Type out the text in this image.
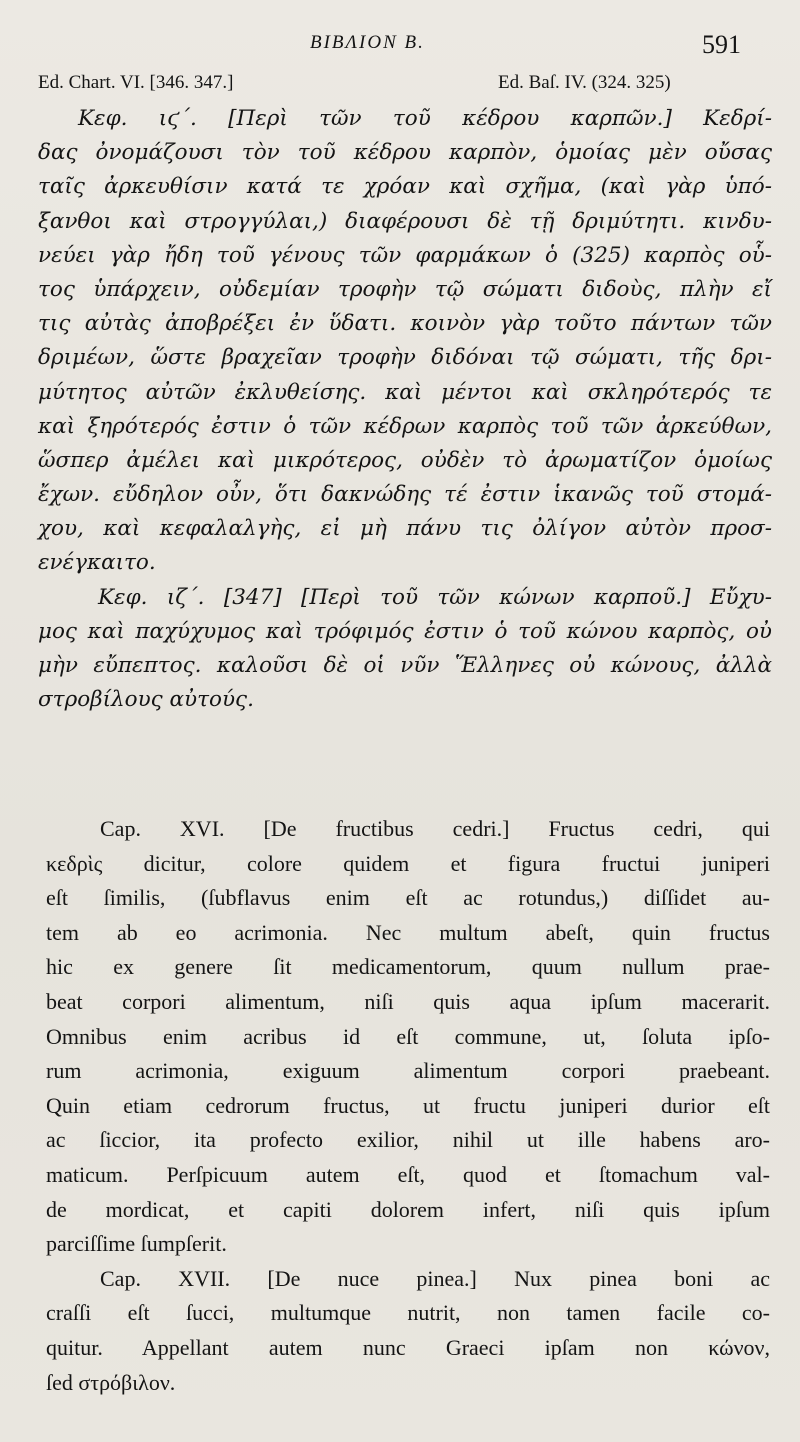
ΒΙΒΛΙΟΝ Β.	591
Ed. Chart. VI. [346. 347.]	Ed. Baſ. IV. (324. 325)
Κεφ. ιϛ΄. [Περὶ τῶν τοῦ κέδρου καρπῶν.] Κεδρί-
δας ὀνομάζουσι τὸν τοῦ κέδρου καρπὸν, ὁμοίας μὲν οὔσας
ταῖς ἀρκευθίσιν κατά τε χρόαν καὶ σχῆμα, (καὶ γὰρ ὑπό-
ξανθοι καὶ στρογγύλαι,) διαφέρουσι δὲ τῇ δριμύτητι. κινδυ-
νεύει γὰρ ἤδη τοῦ γένους τῶν φαρμάκων ὁ (325) καρπὸς οὗ-
τος ὑπάρχειν, οὐδεμίαν τροφὴν τῷ σώματι διδοὺς, πλὴν εἴ
τις αὐτὰς ἀποβρέξει ἐν ὕδατι. κοινὸν γὰρ τοῦτο πάντων τῶν
δριμέων, ὥστε βραχεῖαν τροφὴν διδόναι τῷ σώματι, τῆς δρι-
μύτητος αὐτῶν ἐκλυθείσης. καὶ μέντοι καὶ σκληρότερός τε
καὶ ξηρότερός ἐστιν ὁ τῶν κέδρων καρπὸς τοῦ τῶν ἀρκεύθων,
ὥσπερ ἀμέλει καὶ μικρότερος, οὐδὲν τὸ ἀρωματίζον ὁμοίως
ἔχων. εὔδηλον οὖν, ὅτι δακνώδης τέ ἐστιν ἱκανῶς τοῦ στομά-
χου, καὶ κεφαλαλγὴς, εἰ μὴ πάνυ τις ὀλίγον αὐτὸν προσ-
ενέγκαιτο.
Κεφ. ιζ΄. [347] [Περὶ τοῦ τῶν κώνων καρποῦ.] Εὔχυ-
μος καὶ παχύχυμος καὶ τρόφιμός ἐστιν ὁ τοῦ κώνου καρπὸς, οὐ
μὴν εὔπεπτος. καλοῦσι δὲ οἱ νῦν Ἕλληνες οὐ κώνους, ἀλλὰ
στροβίλους αὐτούς.
Cap. XVI. [De fructibus cedri.] Fructus cedri, qui
κεδρὶς dicitur, colore quidem et figura fructui juniperi
eſt ſimilis, (ſubflavus enim eſt ac rotundus,) diſſidet au-
tem ab eo acrimonia. Nec multum abeſt, quin fructus
hic ex genere ſit medicamentorum, quum nullum prae-
beat corpori alimentum, niſi quis aqua ipſum macerarit.
Omnibus enim acribus id eſt commune, ut, ſoluta ipſo-
rum acrimonia, exiguum alimentum corpori praebeant.
Quin etiam cedrorum fructus, ut fructu juniperi durior eſt
ac ſiccior, ita profecto exilior, nihil ut ille habens aro-
maticum. Perſpicuum autem eſt, quod et ſtomachum val-
de mordicat, et capiti dolorem infert, niſi quis ipſum
parciſſime ſumpſerit.
Cap. XVII. [De nuce pinea.] Nux pinea boni ac
craſſi eſt ſucci, multumque nutrit, non tamen facile co-
quitur. Appellant autem nunc Graeci ipſam non κώνον,
ſed στρόβιλον.
